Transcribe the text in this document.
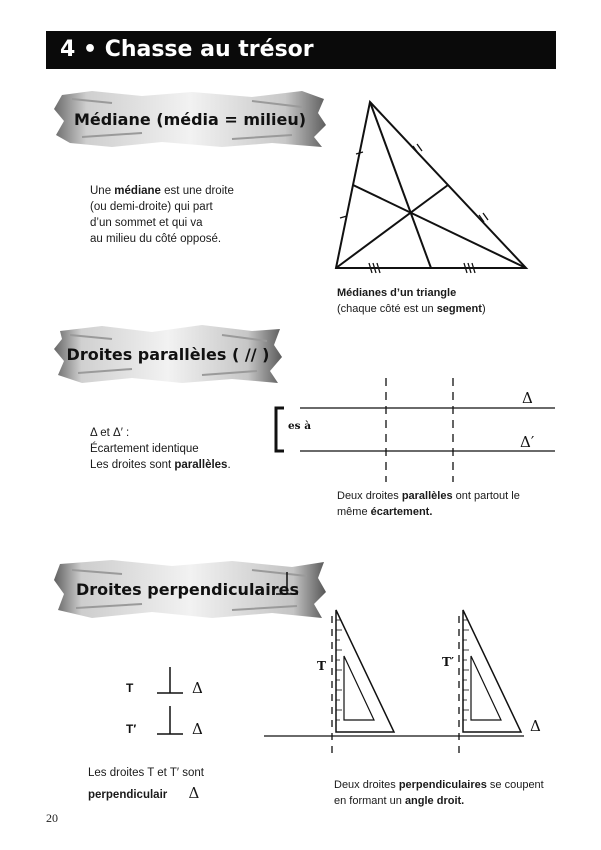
4 • Chasse au trésor
Médiane (média = milieu)
Une médiane est une droite
(ou demi-droite) qui part
d’un sommet et qui va
au milieu du côté opposé.
Médianes d’un triangle
(chaque côté est un segment)
Droites parallèles ( // )
Δ et Δ′ :
Écartement identique
Les droites sont parallèles.
es à
Δ
Δ′
Deux droites parallèles ont partout le
même écartement.
Droites perpendiculaires
T	Δ
T′	Δ
Les droites T et T′ sont
perpendiculair Δ
T	T′
Δ
Deux droites perpendiculaires se coupent
en formant un angle droit.
20
